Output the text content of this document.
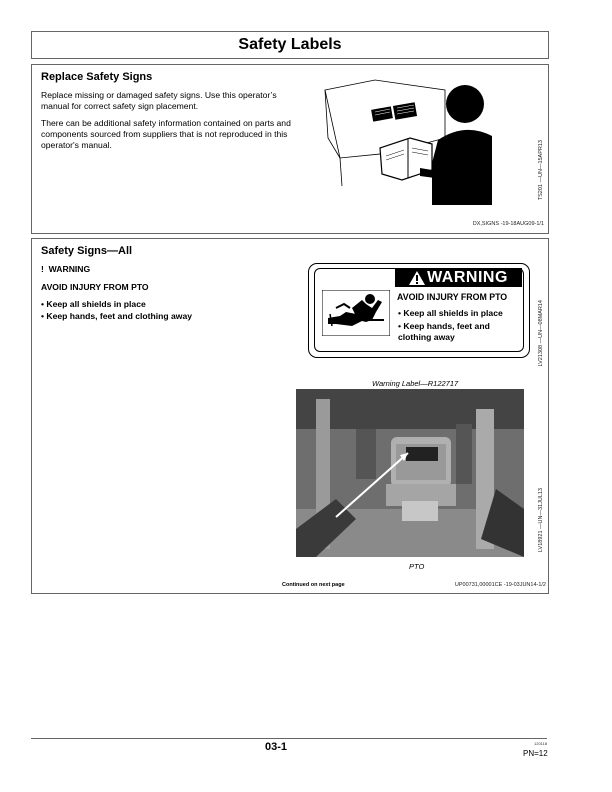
Safety Labels
Replace Safety Signs
Replace missing or damaged safety signs. Use this operator’s manual for correct safety sign placement.
There can be additional safety information contained on parts and components sourced from suppliers that is not reproduced in this operator's manual.	TS201 —UN—15APR13
DX,SIGNS -19-18AUG09-1/1
Safety Signs—All
! WARNING
AVOID INJURY FROM PTO
• Keep all shields in place
• Keep hands, feet and clothing away
WARNING
AVOID INJURY FROM PTO
• Keep all shields in place
• Keep hands, feet and clothing away	LV21308 —UN—08MAR14
Warning Label—R122717
PTO
LV18921 —UN—31JUL13
Continued on next page	UP00731,00001CE -19-03JUN14-1/2
03-1	120118
PN=12
